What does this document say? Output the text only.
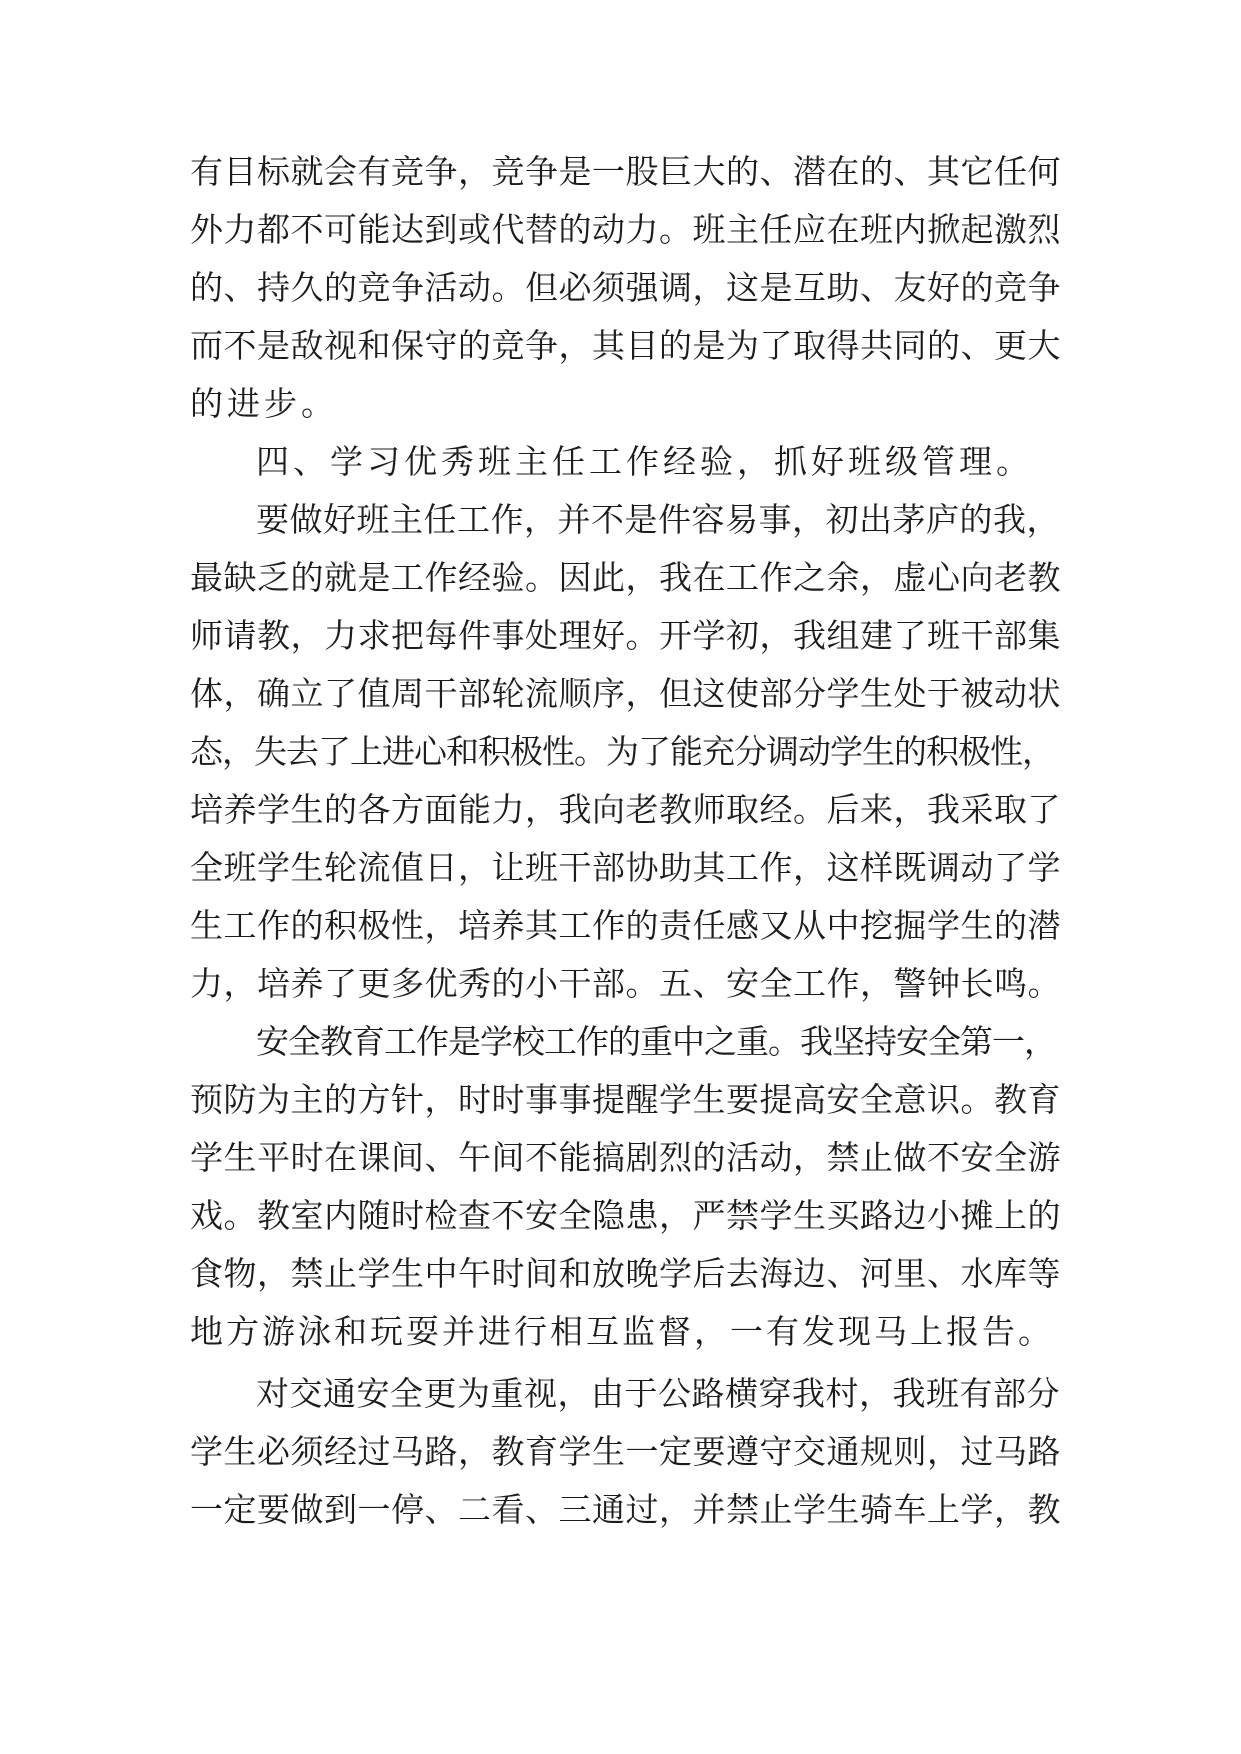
有目标就会有竞争，竞争是一股巨大的、潜在的、其它任何
外力都不可能达到或代替的动力。班主任应在班内掀起激烈
的、持久的竞争活动。但必须强调，这是互助、友好的竞争
而不是敌视和保守的竞争，其目的是为了取得共同的、更大
的进步。
四、学习优秀班主任工作经验，抓好班级管理。
要做好班主任工作，并不是件容易事，初出茅庐的我，
最缺乏的就是工作经验。因此，我在工作之余，虚心向老教
师请教，力求把每件事处理好。开学初，我组建了班干部集
体，确立了值周干部轮流顺序，但这使部分学生处于被动状
态，失去了上进心和积极性。为了能充分调动学生的积极性，
培养学生的各方面能力，我向老教师取经。后来，我采取了
全班学生轮流值日，让班干部协助其工作，这样既调动了学
生工作的积极性，培养其工作的责任感又从中挖掘学生的潜
力，培养了更多优秀的小干部。五、安全工作，警钟长鸣。
安全教育工作是学校工作的重中之重。我坚持安全第一，
预防为主的方针，时时事事提醒学生要提高安全意识。教育
学生平时在课间、午间不能搞剧烈的活动，禁止做不安全游
戏。教室内随时检查不安全隐患，严禁学生买路边小摊上的
食物，禁止学生中午时间和放晚学后去海边、河里、水库等
地方游泳和玩耍并进行相互监督，一有发现马上报告。
对交通安全更为重视，由于公路横穿我村，我班有部分
学生必须经过马路，教育学生一定要遵守交通规则，过马路
一定要做到一停、二看、三通过，并禁止学生骑车上学，教
